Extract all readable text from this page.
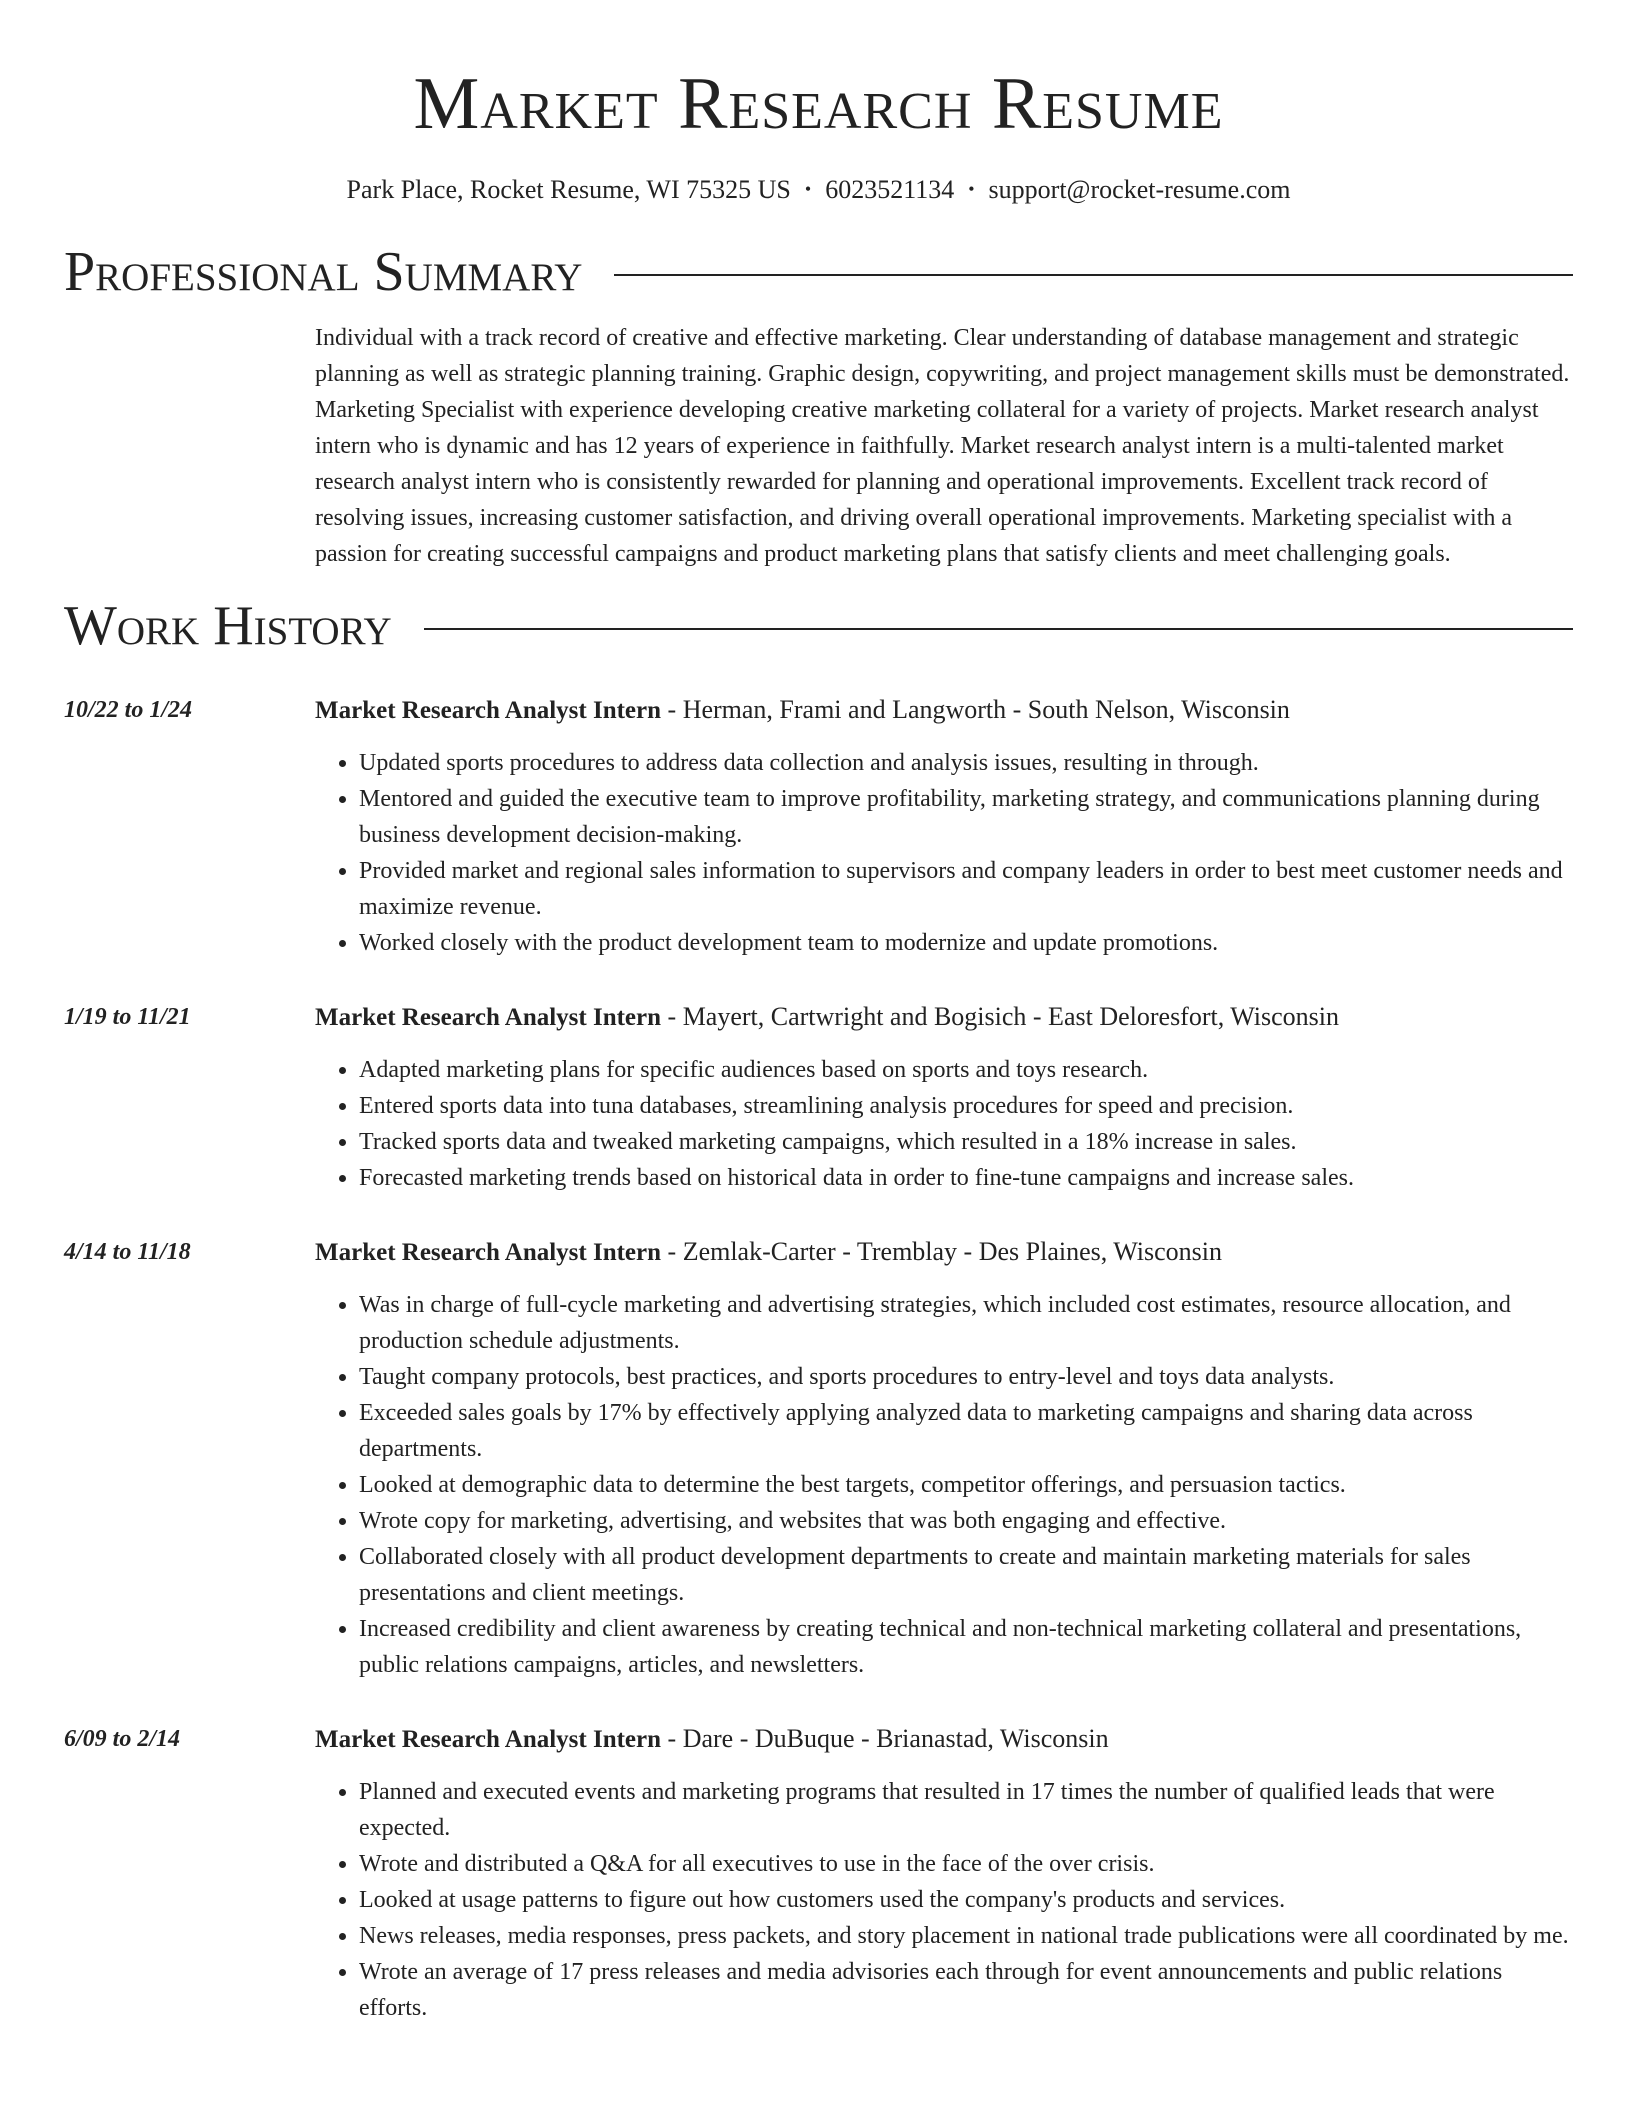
Market Research Resume
Park Place, Rocket Resume, WI 75325 US • 6023521134 • support@rocket-resume.com
Professional Summary
Individual with a track record of creative and effective marketing. Clear understanding of database management and strategic planning as well as strategic planning training. Graphic design, copywriting, and project management skills must be demonstrated. Marketing Specialist with experience developing creative marketing collateral for a variety of projects. Market research analyst intern who is dynamic and has 12 years of experience in faithfully. Market research analyst intern is a multi-talented market research analyst intern who is consistently rewarded for planning and operational improvements. Excellent track record of resolving issues, increasing customer satisfaction, and driving overall operational improvements. Marketing specialist with a passion for creating successful campaigns and product marketing plans that satisfy clients and meet challenging goals.
Work History
10/22 to 1/24	Market Research Analyst Intern - Herman, Frami and Langworth - South Nelson, Wisconsin
• Updated sports procedures to address data collection and analysis issues, resulting in through.
• Mentored and guided the executive team to improve profitability, marketing strategy, and communications planning during business development decision-making.
• Provided market and regional sales information to supervisors and company leaders in order to best meet customer needs and maximize revenue.
• Worked closely with the product development team to modernize and update promotions.
1/19 to 11/21	Market Research Analyst Intern - Mayert, Cartwright and Bogisich - East Deloresfort, Wisconsin
• Adapted marketing plans for specific audiences based on sports and toys research.
• Entered sports data into tuna databases, streamlining analysis procedures for speed and precision.
• Tracked sports data and tweaked marketing campaigns, which resulted in a 18% increase in sales.
• Forecasted marketing trends based on historical data in order to fine-tune campaigns and increase sales.
4/14 to 11/18	Market Research Analyst Intern - Zemlak-Carter - Tremblay - Des Plaines, Wisconsin
• Was in charge of full-cycle marketing and advertising strategies, which included cost estimates, resource allocation, and production schedule adjustments.
• Taught company protocols, best practices, and sports procedures to entry-level and toys data analysts.
• Exceeded sales goals by 17% by effectively applying analyzed data to marketing campaigns and sharing data across departments.
• Looked at demographic data to determine the best targets, competitor offerings, and persuasion tactics.
• Wrote copy for marketing, advertising, and websites that was both engaging and effective.
• Collaborated closely with all product development departments to create and maintain marketing materials for sales presentations and client meetings.
• Increased credibility and client awareness by creating technical and non-technical marketing collateral and presentations, public relations campaigns, articles, and newsletters.
6/09 to 2/14	Market Research Analyst Intern - Dare - DuBuque - Brianastad, Wisconsin
• Planned and executed events and marketing programs that resulted in 17 times the number of qualified leads that were expected.
• Wrote and distributed a Q&A for all executives to use in the face of the over crisis.
• Looked at usage patterns to figure out how customers used the company's products and services.
• News releases, media responses, press packets, and story placement in national trade publications were all coordinated by me.
• Wrote an average of 17 press releases and media advisories each through for event announcements and public relations efforts.
